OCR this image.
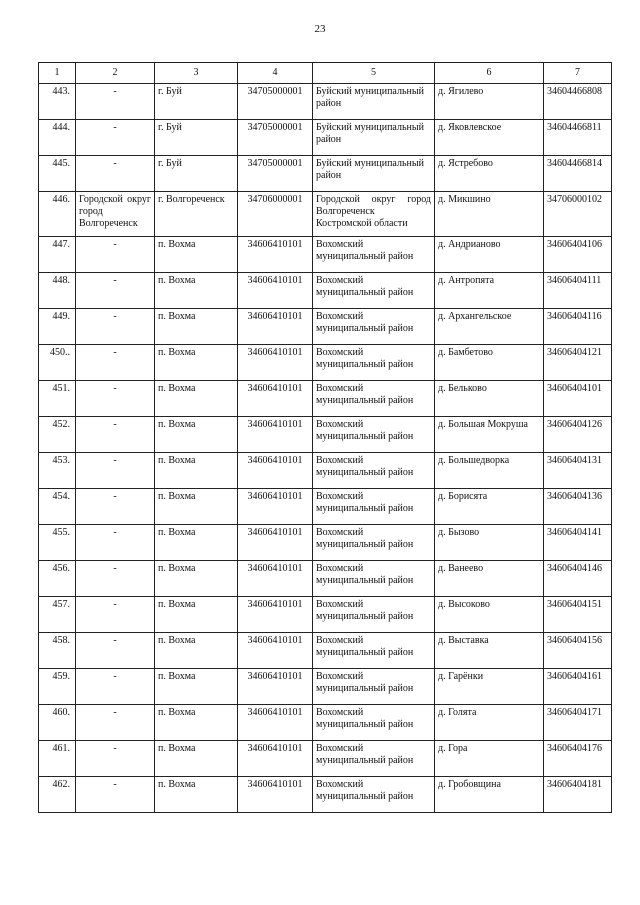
23
1	2	3	4	5	6	7
443.	-	г. Буй	34705000001	Буйский муниципальный район	д. Ягилево	34604466808
444.	-	г. Буй	34705000001	Буйский муниципальный район	д. Яковлевское	34604466811
445.	-	г. Буй	34705000001	Буйский муниципальный район	д. Ястребово	34604466814
446.	Городской округ город Волгореченск	г. Волгореченск	34706000001	Городской округ город Волгореченск Костромской области	д. Микшино	34706000102
447.	-	п. Вохма	34606410101	Вохомский муниципальный район	д. Андрианово	34606404106
448.	-	п. Вохма	34606410101	Вохомский муниципальный район	д. Антропята	34606404111
449.	-	п. Вохма	34606410101	Вохомский муниципальный район	д. Архангельское	34606404116
450..	-	п. Вохма	34606410101	Вохомский муниципальный район	д. Бамбетово	34606404121
451.	-	п. Вохма	34606410101	Вохомский муниципальный район	д. Бельково	34606404101
452.	-	п. Вохма	34606410101	Вохомский муниципальный район	д. Большая Мокруша	34606404126
453.	-	п. Вохма	34606410101	Вохомский муниципальный район	д. Большедворка	34606404131
454.	-	п. Вохма	34606410101	Вохомский муниципальный район	д. Борисята	34606404136
455.	-	п. Вохма	34606410101	Вохомский муниципальный район	д. Бызово	34606404141
456.	-	п. Вохма	34606410101	Вохомский муниципальный район	д. Ванеево	34606404146
457.	-	п. Вохма	34606410101	Вохомский муниципальный район	д. Высоково	34606404151
458.	-	п. Вохма	34606410101	Вохомский муниципальный район	д. Выставка	34606404156
459.	-	п. Вохма	34606410101	Вохомский муниципальный район	д. Гарёнки	34606404161
460.	-	п. Вохма	34606410101	Вохомский муниципальный район	д. Голята	34606404171
461.	-	п. Вохма	34606410101	Вохомский муниципальный район	д. Гора	34606404176
462.	-	п. Вохма	34606410101	Вохомский муниципальный район	д. Гробовщина	34606404181
